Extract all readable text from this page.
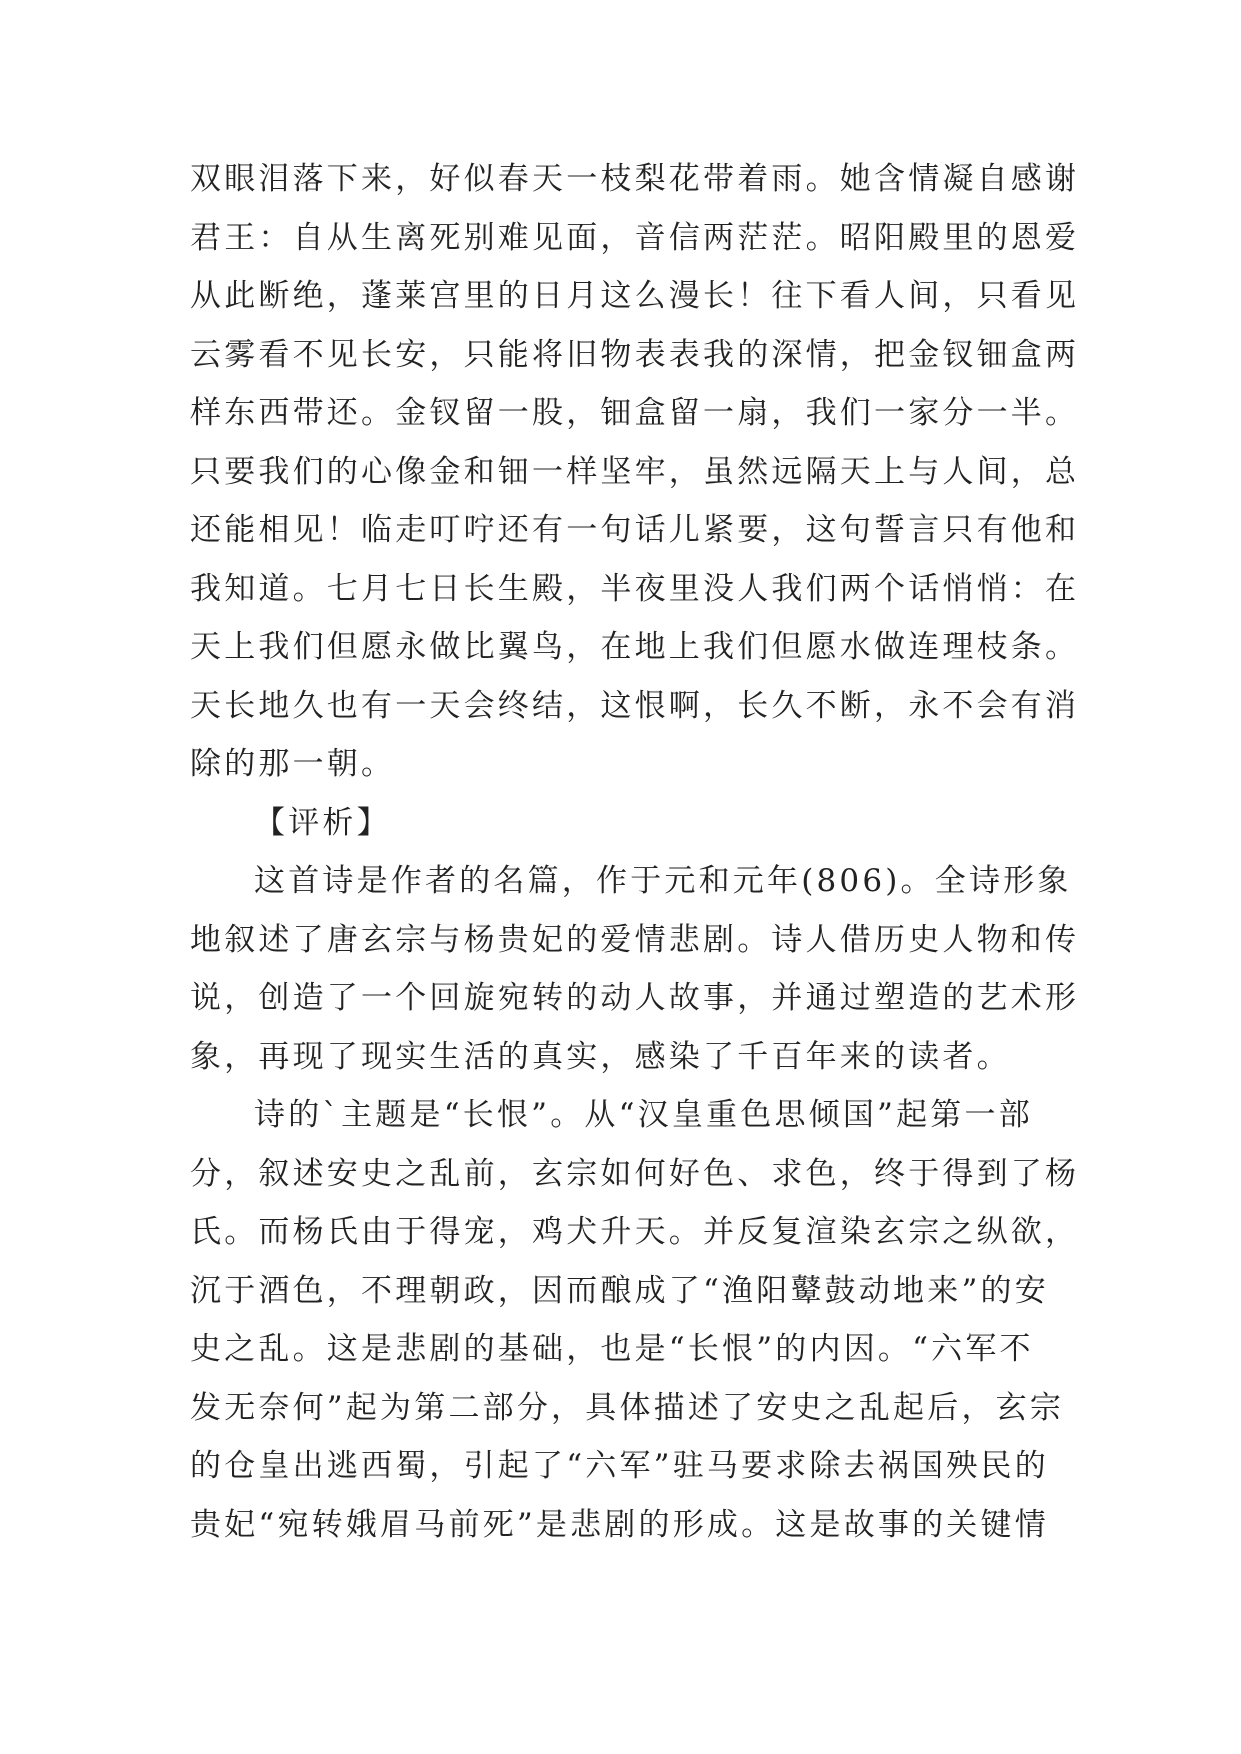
双眼泪落下来，好似春天一枝梨花带着雨。她含情凝自感谢
君王：自从生离死别难见面，音信两茫茫。昭阳殿里的恩爱
从此断绝，蓬莱宫里的日月这么漫长！往下看人间，只看见
云雾看不见长安，只能将旧物表表我的深情，把金钗钿盒两
样东西带还。金钗留一股，钿盒留一扇，我们一家分一半。
只要我们的心像金和钿一样坚牢，虽然远隔天上与人间，总
还能相见！临走叮咛还有一句话儿紧要，这句誓言只有他和
我知道。七月七日长生殿，半夜里没人我们两个话悄悄：在
天上我们但愿永做比翼鸟，在地上我们但愿水做连理枝条。
天长地久也有一天会终结，这恨啊，长久不断，永不会有消
除的那一朝。
【评析】
这首诗是作者的名篇，作于元和元年(806)。全诗形象
地叙述了唐玄宗与杨贵妃的爱情悲剧。诗人借历史人物和传
说，创造了一个回旋宛转的动人故事，并通过塑造的艺术形
象，再现了现实生活的真实，感染了千百年来的读者。
诗的`主题是“长恨”。从“汉皇重色思倾国”起第一部
分，叙述安史之乱前，玄宗如何好色、求色，终于得到了杨
氏。而杨氏由于得宠，鸡犬升天。并反复渲染玄宗之纵欲，
沉于酒色，不理朝政，因而酿成了“渔阳鼙鼓动地来”的安
史之乱。这是悲剧的基础，也是“长恨”的内因。“六军不
发无奈何”起为第二部分，具体描述了安史之乱起后，玄宗
的仓皇出逃西蜀，引起了“六军”驻马要求除去祸国殃民的
贵妃“宛转娥眉马前死”是悲剧的形成。这是故事的关键情
